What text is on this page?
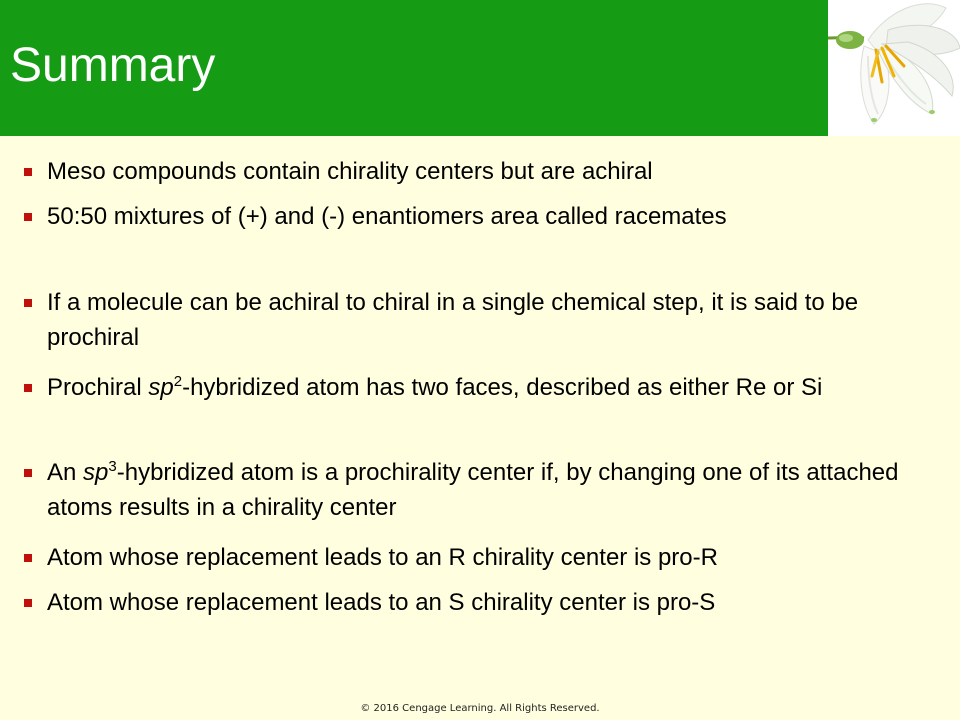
Summary
Meso compounds contain chirality centers but are achiral
50:50 mixtures of (+) and (-) enantiomers area called racemates
If a molecule can be achiral to chiral in a single chemical step, it is said to be prochiral
Prochiral $sp^2$-hybridized atom has two faces, described as either Re or Si
An $sp^3$-hybridized atom is a prochirality center if, by changing one of its attached atoms results in a chirality center
Atom whose replacement leads to an R chirality center is pro-R
Atom whose replacement leads to an S chirality center is pro-S
© 2016 Cengage Learning. All Rights Reserved.
